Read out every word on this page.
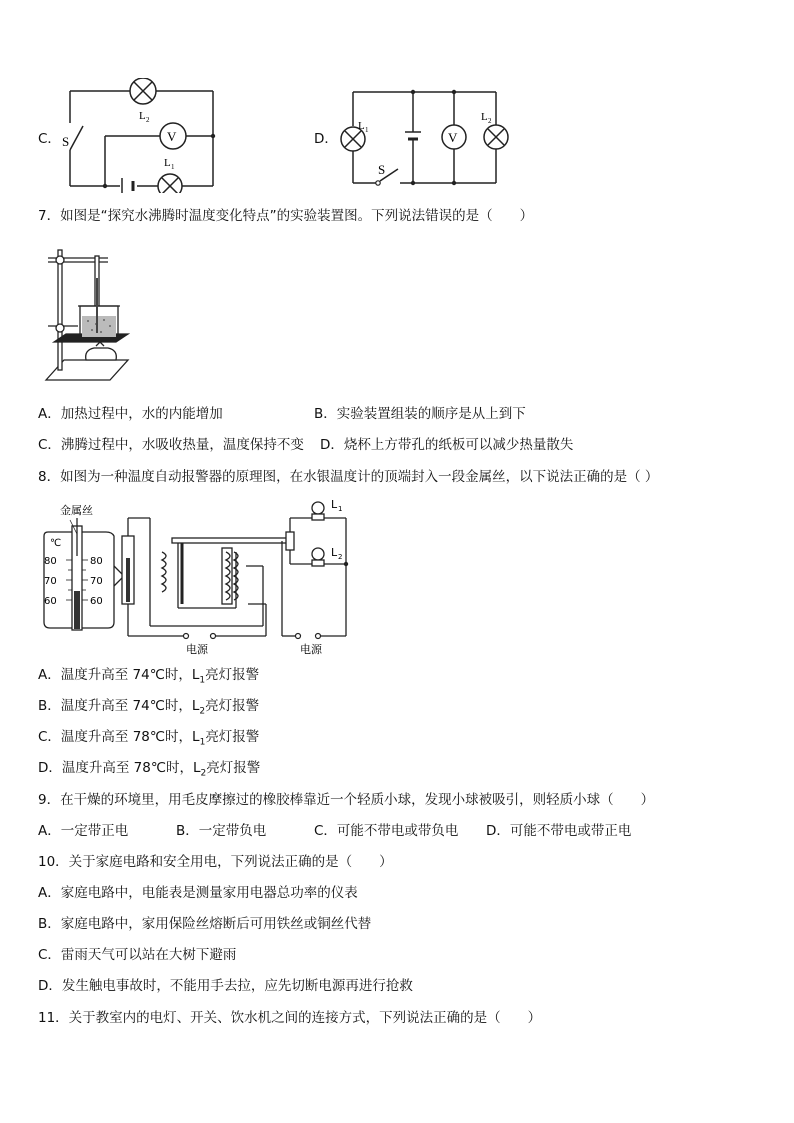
C．	V
S
L 2
L 1
D．	V
S
L 1
L 2
7．如图是“探究水沸腾时温度变化特点”的实验装置图。下列说法错误的是（　　）
A．加热过程中，水的内能增加	B．实验装置组装的顺序是从上到下
C．沸腾过程中，水吸收热量，温度保持不变 D．烧杯上方带孔的纸板可以减少热量散失
8．如图为一种温度自动报警器的原理图，在水银温度计的顶端封入一段金属丝，以下说法正确的是（ ）
金属丝
℃
80
70
60
80
70
60
电源
L 1
L 2
电源
A．温度升高至 74℃时，$L_1$亮灯报警
B．温度升高至 74℃时，$L_2$亮灯报警
C．温度升高至 78℃时，$L_1$亮灯报警
D．温度升高至 78℃时，$L_2$亮灯报警
9．在干燥的环境里，用毛皮摩擦过的橡胶棒靠近一个轻质小球，发现小球被吸引，则轻质小球（　　）
A．一定带正电	B．一定带负电	C．可能不带电或带负电 D．可能不带电或带正电
10．关于家庭电路和安全用电，下列说法正确的是（　　）
A．家庭电路中，电能表是测量家用电器总功率的仪表
B．家庭电路中，家用保险丝熔断后可用铁丝或铜丝代替
C．雷雨天气可以站在大树下避雨
D．发生触电事故时，不能用手去拉，应先切断电源再进行抢救
11．关于教室内的电灯、开关、饮水机之间的连接方式，下列说法正确的是（　　）
